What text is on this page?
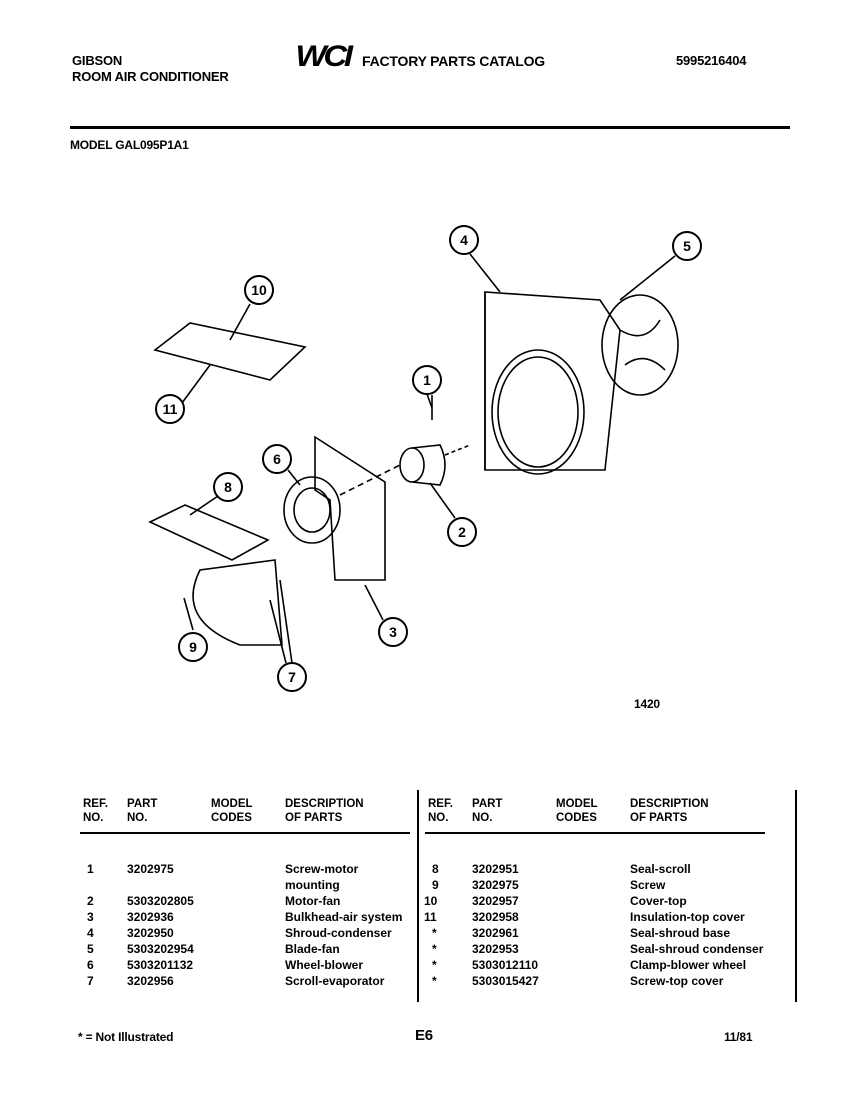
GIBSON
ROOM AIR CONDITIONER
WCI FACTORY PARTS CATALOG	5995216404
MODEL GAL095P1A1
1
2
3
4	5
6
7
8
9
10
11
1420
REF.
NO.
PART
NO.
MODEL
CODES
DESCRIPTION
OF PARTS
1	3202975	Screw-motor
mounting
2	5303202805	Motor-fan
3	3202936	Bulkhead-air system
4	3202950	Shroud-condenser
5	5303202954	Blade-fan
6	5303201132	Wheel-blower
7	3202956	Scroll-evaporator
REF.
NO.
PART
NO.
MODEL
CODES
DESCRIPTION
OF PARTS
8	3202951	Seal-scroll
9	3202975	Screw
10	3202957	Cover-top
11	3202958	Insulation-top cover
*	3202961	Seal-shroud base
*	3202953	Seal-shroud condenser
*	5303012110	Clamp-blower wheel
*	5303015427	Screw-top cover
* = Not Illustrated	E6	11/81
